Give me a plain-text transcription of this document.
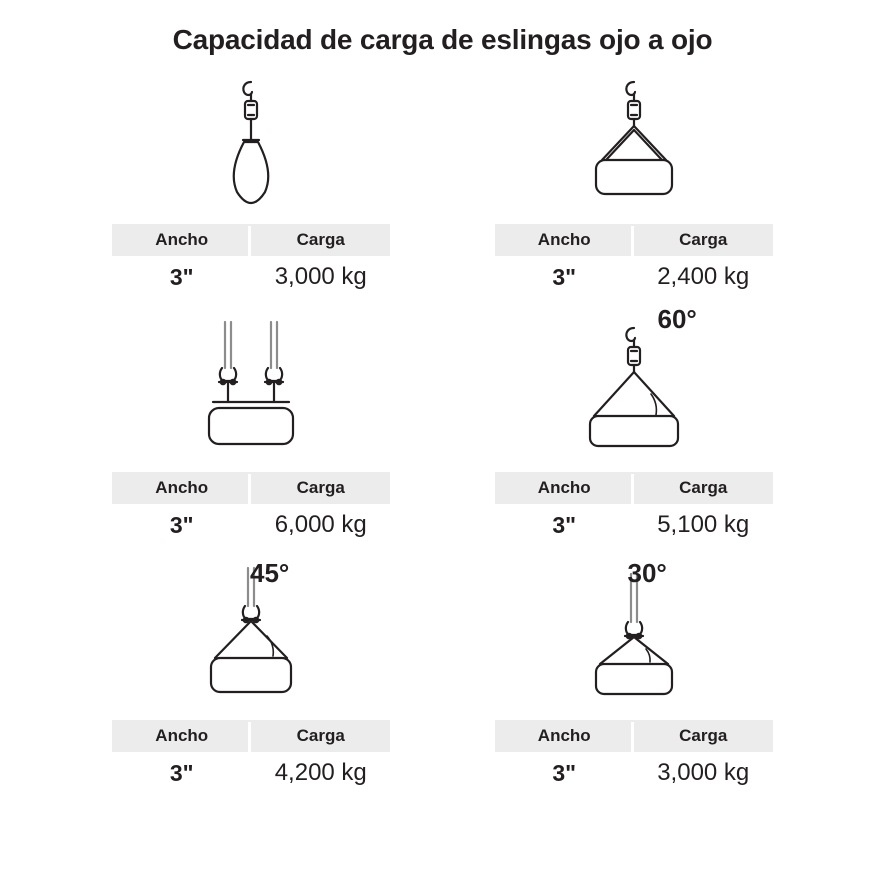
Capacidad de carga de eslingas ojo a ojo
Ancho	Carga
3"	3,000 kg
Ancho	Carga
3"	2,400 kg
Ancho	Carga
3"	6,000 kg
60°
Ancho	Carga
3"	5,100 kg
45°
Ancho	Carga
3"	4,200 kg
30°
Ancho	Carga
3"	3,000 kg
